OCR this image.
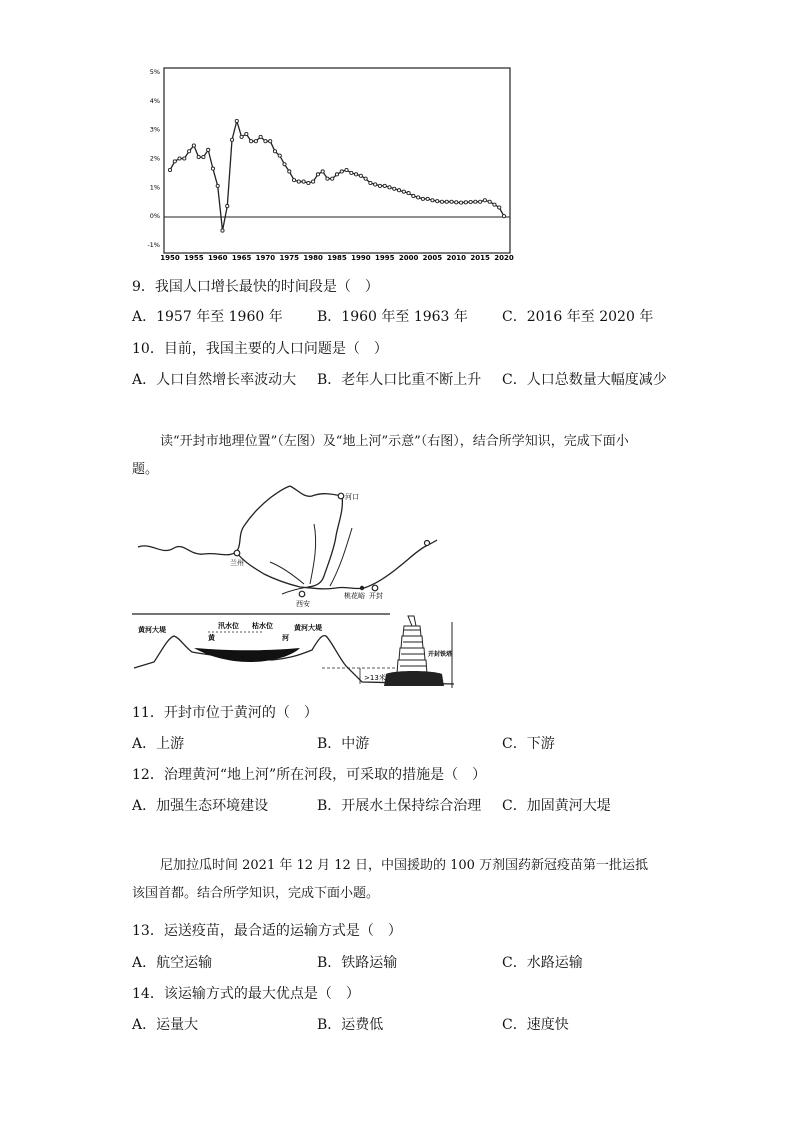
5%
4%
3%
2%
1%
0%
-1%
1950 1955 1960 1965 1970 1975 1980 1985 1990 1995 2000 2005 2010 2015 2020
9．我国人口增长最快的时间段是（　）
A．1957 年至 1960 年 B．1960 年至 1963 年 C．2016 年至 2020 年
10．目前，我国主要的人口问题是（　）
A．人口自然增长率波动大 B．老年人口比重不断上升 C．人口总数量大幅度减少
读“开封市地理位置”（左图）及“地上河”示意”（右图），结合所学知识，完成下面小题。
河口
兰州
西安
桃花峪 开封
黄河大堤	汛水位 枯水位	黄河大堤
黄	河
开封铁塔
>13米
11．开封市位于黄河的（　）
A．上游	B．中游	C．下游
12．治理黄河“地上河”所在河段，可采取的措施是（　）
A．加强生态环境建设	B．开展水土保持综合治理 C．加固黄河大堤
尼加拉瓜时间 2021 年 12 月 12 日，中国援助的 100 万剂国药新冠疫苗第一批运抵该国首都。结合所学知识，完成下面小题。
13．运送疫苗，最合适的运输方式是（　）
A．航空运输	B．铁路运输	C．水路运输
14．该运输方式的最大优点是（　）
A．运量大	B．运费低	C．速度快
